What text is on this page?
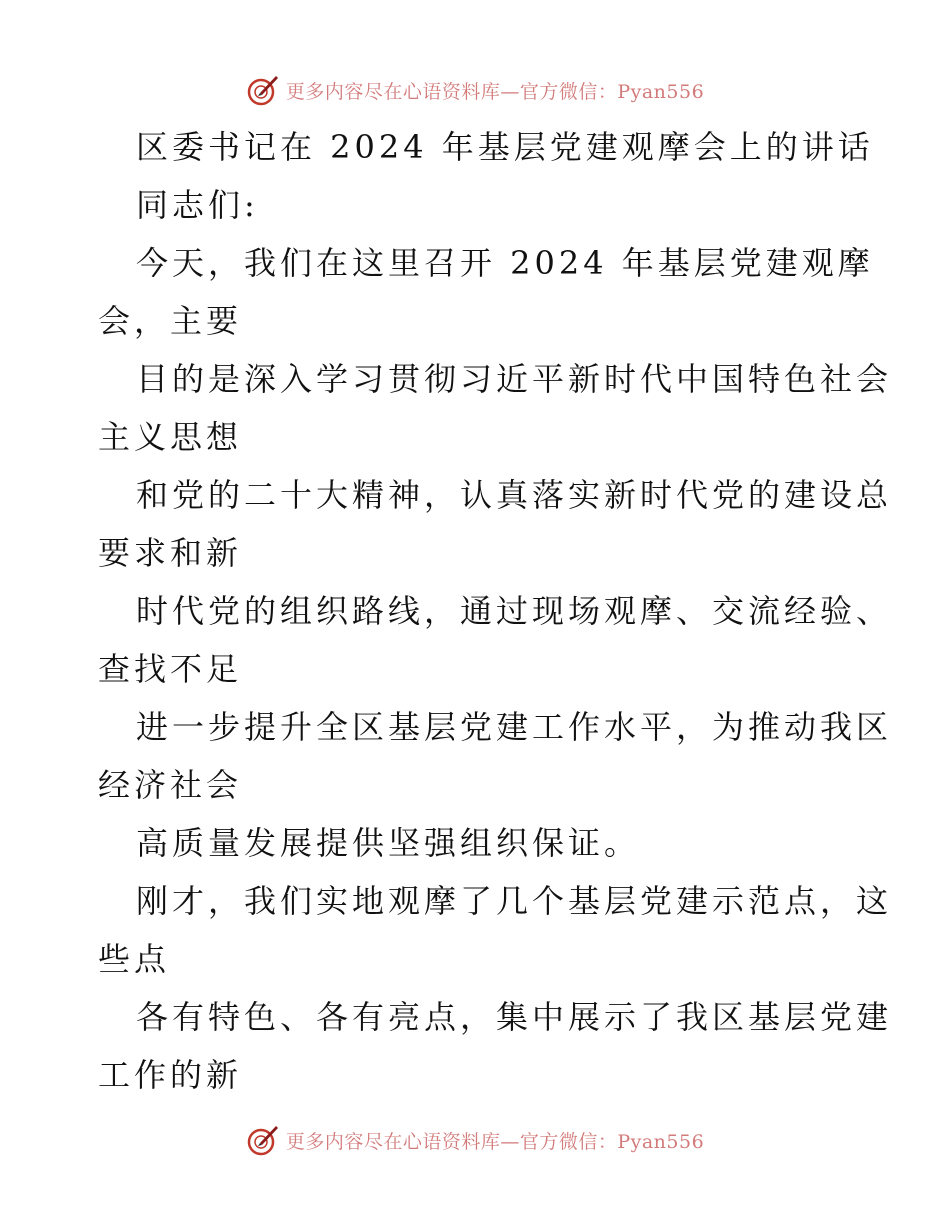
更多内容尽在心语资料库—官方微信：Pyan556
区委书记在 2024 年基层党建观摩会上的讲话
同志们:
今天，我们在这里召开 2024 年基层党建观摩
会，主要
目的是深入学习贯彻习近平新时代中国特色社会
主义思想
和党的二十大精神，认真落实新时代党的建设总
要求和新
时代党的组织路线，通过现场观摩、交流经验、
查找不足
进一步提升全区基层党建工作水平，为推动我区
经济社会
高质量发展提供坚强组织保证。
刚才，我们实地观摩了几个基层党建示范点，这
些点
各有特色、各有亮点，集中展示了我区基层党建
工作的新
更多内容尽在心语资料库—官方微信：Pyan556
